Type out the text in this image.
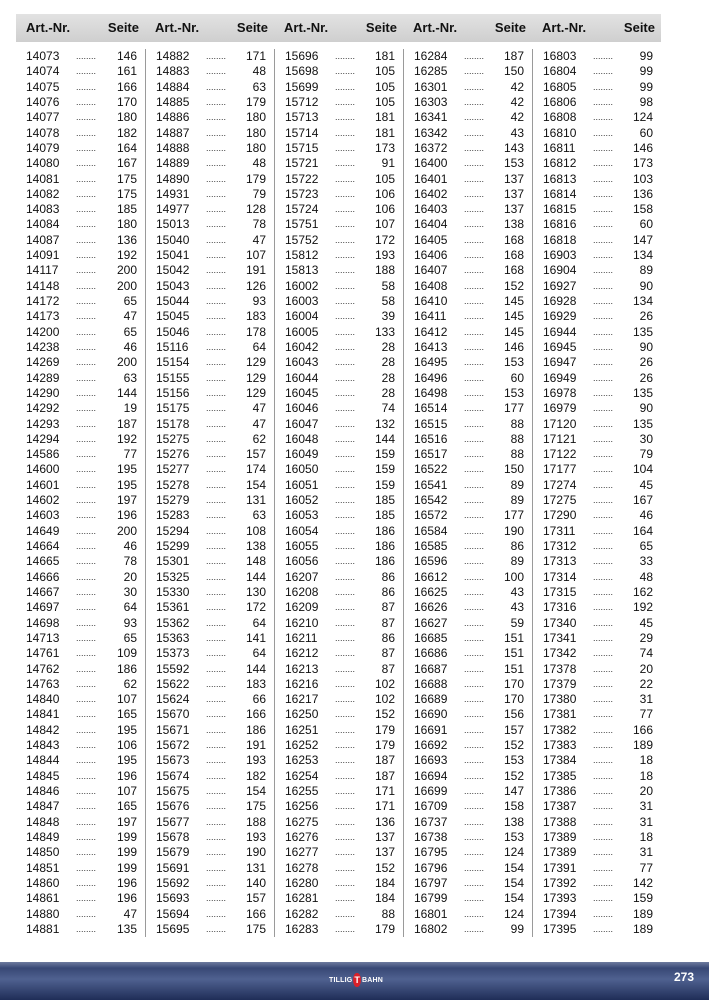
Art.-Nr.	Seite Art.-Nr.	Seite Art.-Nr.	Seite Art.-Nr.	Seite Art.-Nr.	Seite
14073 ........ 146
14074 ........ 161
14075 ........ 166
14076 ........ 170
14077 ........ 180
14078 ........ 182
14079 ........ 164
14080 ........ 167
14081 ........ 175
14082 ........ 175
14083 ........ 185
14084 ........ 180
14087 ........ 136
14091 ........ 192
14117 ........ 200
14148 ........ 200
14172 ........ 65
14173 ........ 47
14200 ........ 65
14238 ........ 46
14269 ........ 200
14289 ........ 63
14290 ........ 144
14292 ........ 19
14293 ........ 187
14294 ........ 192
14586 ........ 77
14600 ........ 195
14601 ........ 195
14602 ........ 197
14603 ........ 196
14649 ........ 200
14664 ........ 46
14665 ........ 78
14666 ........ 20
14667 ........ 30
14697 ........ 64
14698 ........ 93
14713 ........ 65
14761 ........ 109
14762 ........ 186
14763 ........ 62
14840 ........ 107
14841 ........ 165
14842 ........ 195
14843 ........ 106
14844 ........ 195
14845 ........ 196
14846 ........ 107
14847 ........ 165
14848 ........ 197
14849 ........ 199
14850 ........ 199
14851 ........ 199
14860 ........ 196
14861 ........ 196
14880 ........ 47
14881 ........ 135
14882 ........ 171
14883 ........ 48
14884 ........ 63
14885 ........ 179
14886 ........ 180
14887 ........ 180
14888 ........ 180
14889 ........ 48
14890 ........ 179
14931 ........ 79
14977 ........ 128
15013 ........ 78
15040 ........ 47
15041 ........ 107
15042 ........ 191
15043 ........ 126
15044 ........ 93
15045 ........ 183
15046 ........ 178
15116 ........ 64
15154 ........ 129
15155 ........ 129
15156 ........ 129
15175 ........ 47
15178 ........ 47
15275 ........ 62
15276 ........ 157
15277 ........ 174
15278 ........ 154
15279 ........ 131
15283 ........ 63
15294 ........ 108
15299 ........ 138
15301 ........ 148
15325 ........ 144
15330 ........ 130
15361 ........ 172
15362 ........ 64
15363 ........ 141
15373 ........ 64
15592 ........ 144
15622 ........ 183
15624 ........ 66
15670 ........ 166
15671 ........ 186
15672 ........ 191
15673 ........ 193
15674 ........ 182
15675 ........ 154
15676 ........ 175
15677 ........ 188
15678 ........ 193
15679 ........ 190
15691 ........ 131
15692 ........ 140
15693 ........ 157
15694 ........ 166
15695 ........ 175
15696 ........ 181
15698 ........ 105
15699 ........ 105
15712 ........ 105
15713 ........ 181
15714 ........ 181
15715 ........ 173
15721 ........ 91
15722 ........ 105
15723 ........ 106
15724 ........ 106
15751 ........ 107
15752 ........ 172
15812 ........ 193
15813 ........ 188
16002 ........ 58
16003 ........ 58
16004 ........ 39
16005 ........ 133
16042 ........ 28
16043 ........ 28
16044 ........ 28
16045 ........ 28
16046 ........ 74
16047 ........ 132
16048 ........ 144
16049 ........ 159
16050 ........ 159
16051 ........ 159
16052 ........ 185
16053 ........ 185
16054 ........ 186
16055 ........ 186
16056 ........ 186
16207 ........ 86
16208 ........ 86
16209 ........ 87
16210 ........ 87
16211 ........ 86
16212 ........ 87
16213 ........ 87
16216 ........ 102
16217 ........ 102
16250 ........ 152
16251 ........ 179
16252 ........ 179
16253 ........ 187
16254 ........ 187
16255 ........ 171
16256 ........ 171
16275 ........ 136
16276 ........ 137
16277 ........ 137
16278 ........ 152
16280 ........ 184
16281 ........ 184
16282 ........ 88
16283 ........ 179
16284 ........ 187
16285 ........ 150
16301 ........ 42
16303 ........ 42
16341 ........ 42
16342 ........ 43
16372 ........ 143
16400 ........ 153
16401 ........ 137
16402 ........ 137
16403 ........ 137
16404 ........ 138
16405 ........ 168
16406 ........ 168
16407 ........ 168
16408 ........ 152
16410 ........ 145
16411 ........ 145
16412 ........ 145
16413 ........ 146
16495 ........ 153
16496 ........ 60
16498 ........ 153
16514 ........ 177
16515 ........ 88
16516 ........ 88
16517 ........ 88
16522 ........ 150
16541 ........ 89
16542 ........ 89
16572 ........ 177
16584 ........ 190
16585 ........ 86
16596 ........ 89
16612 ........ 100
16625 ........ 43
16626 ........ 43
16627 ........ 59
16685 ........ 151
16686 ........ 151
16687 ........ 151
16688 ........ 170
16689 ........ 170
16690 ........ 156
16691 ........ 157
16692 ........ 152
16693 ........ 153
16694 ........ 152
16699 ........ 147
16709 ........ 158
16737 ........ 138
16738 ........ 153
16795 ........ 124
16796 ........ 154
16797 ........ 154
16799 ........ 154
16801 ........ 124
16802 ........ 99
16803 ........ 99
16804 ........ 99
16805 ........ 99
16806 ........ 98
16808 ........ 124
16810 ........ 60
16811 ........ 146
16812 ........ 173
16813 ........ 103
16814 ........ 136
16815 ........ 158
16816 ........ 60
16818 ........ 147
16903 ........ 134
16904 ........ 89
16927 ........ 90
16928 ........ 134
16929 ........ 26
16944 ........ 135
16945 ........ 90
16947 ........ 26
16949 ........ 26
16978 ........ 135
16979 ........ 90
17120 ........ 135
17121 ........ 30
17122 ........ 79
17177 ........ 104
17274 ........ 45
17275 ........ 167
17290 ........ 46
17311 ........ 164
17312 ........ 65
17313 ........ 33
17314 ........ 48
17315 ........ 162
17316 ........ 192
17340 ........ 45
17341 ........ 29
17342 ........ 74
17378 ........ 20
17379 ........ 22
17380 ........ 31
17381 ........ 77
17382 ........ 166
17383 ........ 189
17384 ........ 18
17385 ........ 18
17386 ........ 20
17387 ........ 31
17388 ........ 31
17389 ........ 18
17389 ........ 31
17391 ........ 77
17392 ........ 142
17393 ........ 159
17394 ........ 189
17395 ........ 189
TILLIG T BAHN	273
